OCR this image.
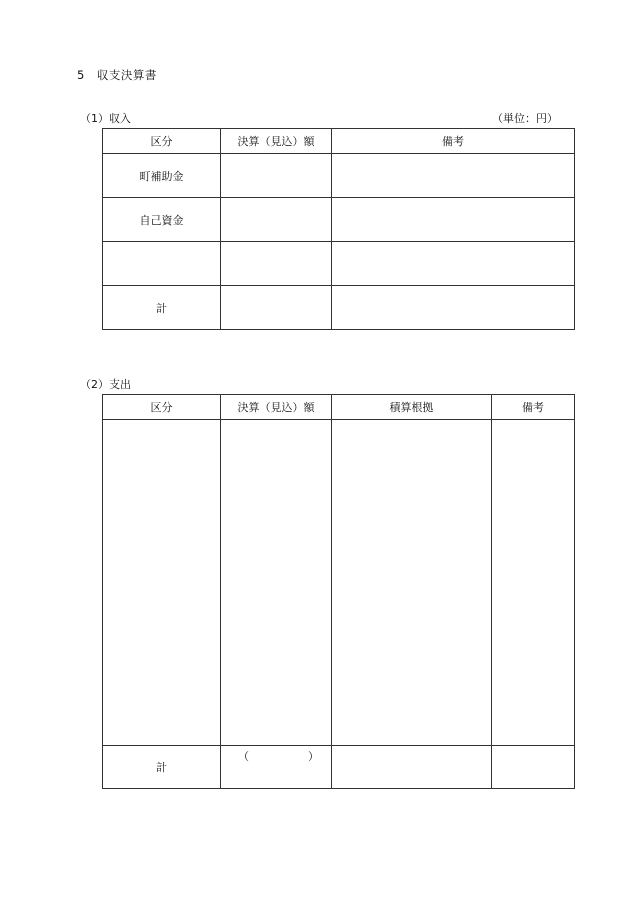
5　収支決算書
（1）収入	（単位：円）
区分	決算（見込）額	備考
町補助金		
自己資金		

計		
（2）支出
区分	決算（見込）額	積算根拠	備考

計	（ ）		
